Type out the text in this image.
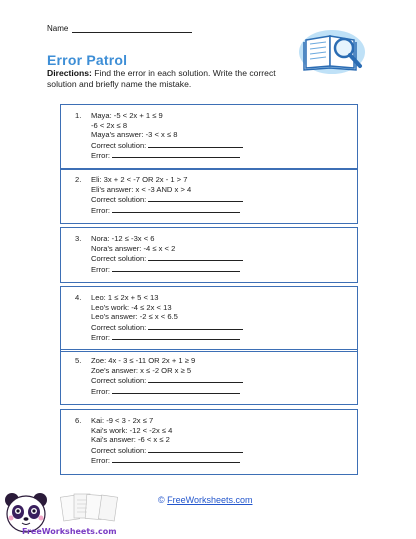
Name
Error Patrol
Directions: Find the error in each solution. Write the correct solution and briefly name the mistake.
1. Maya: -5 < 2x + 1 ≤ 9
-6 < 2x ≤ 8
Maya's answer: -3 < x ≤ 8
Correct solution:
Error:
2. Eli: 3x + 2 < -7 OR 2x - 1 > 7
Eli's answer: x < -3 AND x > 4
Correct solution:
Error:
3. Nora: -12 ≤ -3x < 6
Nora's answer: -4 ≤ x < 2
Correct solution:
Error:
4. Leo: 1 ≤ 2x + 5 < 13
Leo's work: -4 ≤ 2x < 13
Leo's answer: -2 ≤ x < 6.5
Correct solution:
Error:
5. Zoe: 4x - 3 ≤ -11 OR 2x + 1 ≥ 9
Zoe's answer: x ≤ -2 OR x ≥ 5
Correct solution:
Error:
6. Kai: -9 < 3 - 2x ≤ 7
Kai's work: -12 < -2x ≤ 4
Kai's answer: -6 < x ≤ 2
Correct solution:
Error:
© FreeWorksheets.com
FreeWorksheets.com
